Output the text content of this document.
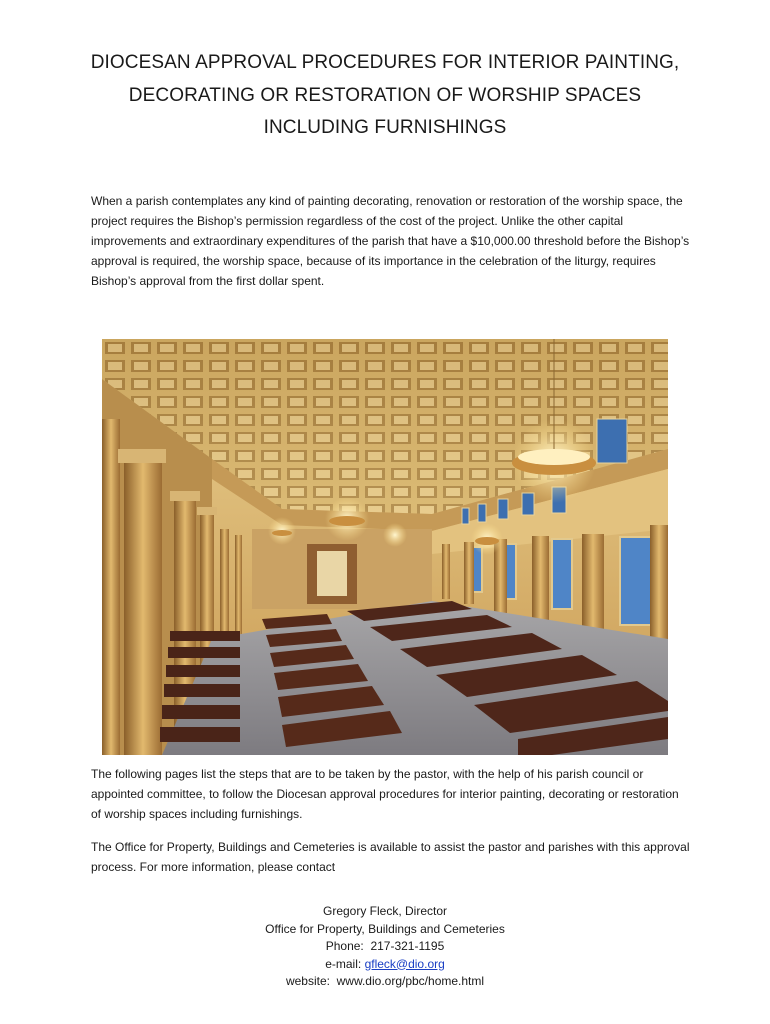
DIOCESAN APPROVAL PROCEDURES FOR INTERIOR PAINTING,
DECORATING OR RESTORATION OF WORSHIP SPACES
INCLUDING FURNISHINGS

When a parish contemplates any kind of painting decorating, renovation or restoration of the worship space, the project requires the Bishop’s permission regardless of the cost of the project. Unlike the other capital improvements and extraordinary expenditures of the parish that have a $10,000.00 threshold before the Bishop’s approval is required, the worship space, because of its importance in the celebration of the liturgy, requires Bishop’s approval from the first dollar spent.

The following pages list the steps that are to be taken by the pastor, with the help of his parish council or appointed committee, to follow the Diocesan approval procedures for interior painting, decorating or restoration of worship spaces including furnishings.

The Office for Property, Buildings and Cemeteries is available to assist the pastor and parishes with this approval process. For more information, please contact

Gregory Fleck, Director
Office for Property, Buildings and Cemeteries
Phone: 217-321-1195
e-mail: gfleck@dio.org
website: www.dio.org/pbc/home.html
